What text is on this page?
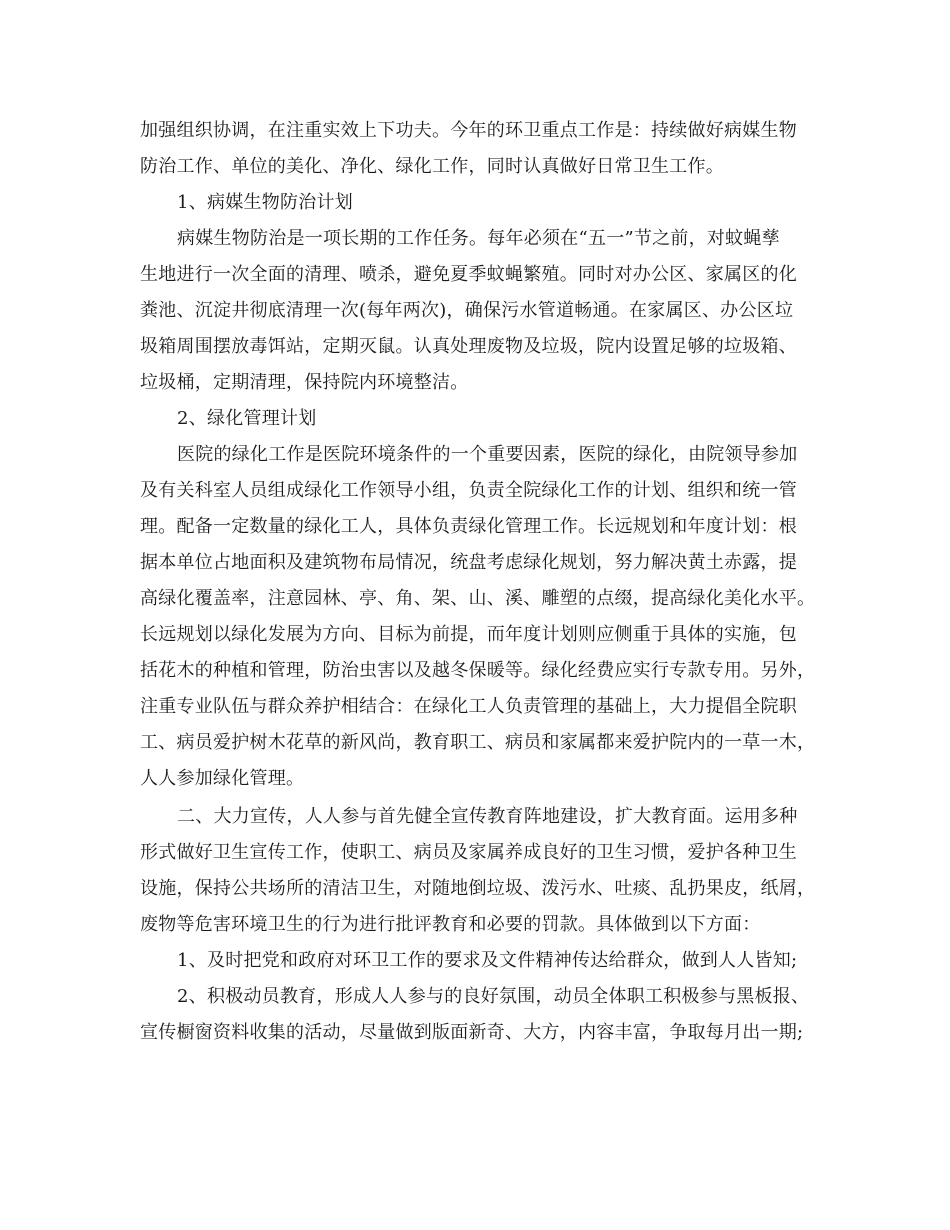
加强组织协调，在注重实效上下功夫。今年的环卫重点工作是：持续做好病媒生物

防治工作、单位的美化、净化、绿化工作，同时认真做好日常卫生工作。

1、病媒生物防治计划

病媒生物防治是一项长期的工作任务。每年必须在“五一”节之前，对蚊蝇孳

生地进行一次全面的清理、喷杀，避免夏季蚊蝇繁殖。同时对办公区、家属区的化

粪池、沉淀井彻底清理一次(每年两次)，确保污水管道畅通。在家属区、办公区垃

圾箱周围摆放毒饵站，定期灭鼠。认真处理废物及垃圾，院内设置足够的垃圾箱、

垃圾桶，定期清理，保持院内环境整洁。

2、绿化管理计划

医院的绿化工作是医院环境条件的一个重要因素，医院的绿化，由院领导参加

及有关科室人员组成绿化工作领导小组，负责全院绿化工作的计划、组织和统一管

理。配备一定数量的绿化工人，具体负责绿化管理工作。长远规划和年度计划：根

据本单位占地面积及建筑物布局情况，统盘考虑绿化规划，努力解决黄土赤露，提

高绿化覆盖率，注意园林、亭、角、架、山、溪、雕塑的点缀，提高绿化美化水平。

长远规划以绿化发展为方向、目标为前提，而年度计划则应侧重于具体的实施，包

括花木的种植和管理，防治虫害以及越冬保暖等。绿化经费应实行专款专用。另外，

注重专业队伍与群众养护相结合：在绿化工人负责管理的基础上，大力提倡全院职

工、病员爱护树木花草的新风尚，教育职工、病员和家属都来爱护院内的一草一木，

人人参加绿化管理。

二、大力宣传，人人参与首先健全宣传教育阵地建设，扩大教育面。运用多种

形式做好卫生宣传工作，使职工、病员及家属养成良好的卫生习惯，爱护各种卫生

设施，保持公共场所的清洁卫生，对随地倒垃圾、泼污水、吐痰、乱扔果皮，纸屑，

废物等危害环境卫生的行为进行批评教育和必要的罚款。具体做到以下方面：

1、及时把党和政府对环卫工作的要求及文件精神传达给群众，做到人人皆知;

2、积极动员教育，形成人人参与的良好氛围，动员全体职工积极参与黑板报、

宣传橱窗资料收集的活动，尽量做到版面新奇、大方，内容丰富，争取每月出一期;
